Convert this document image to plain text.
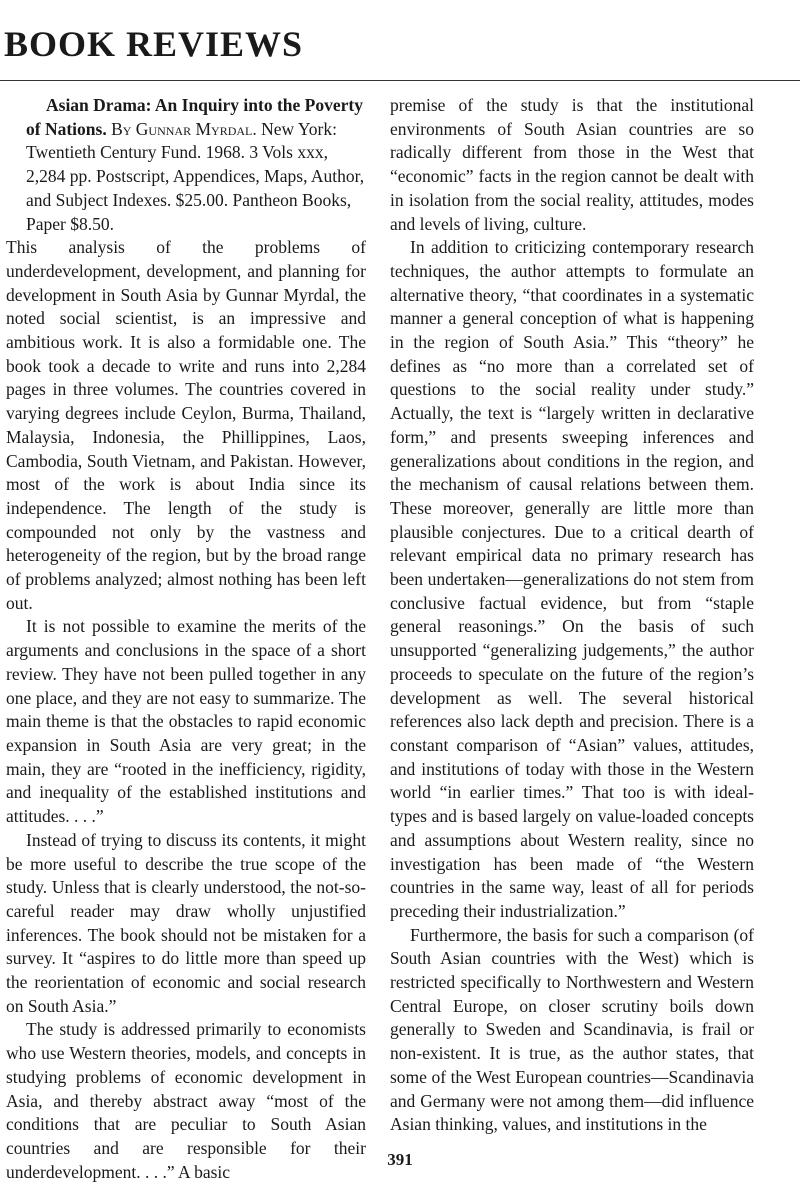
BOOK REVIEWS

Asian Drama: An Inquiry into the Poverty of Nations. By Gunnar Myrdal. New York: Twentieth Century Fund. 1968. 3 Vols xxx, 2,284 pp. Postscript, Appendices, Maps, Author, and Subject Indexes. $25.00. Pantheon Books, Paper $8.50.

This analysis of the problems of underdevelopment, development, and planning for development in South Asia by Gunnar Myrdal, the noted social scientist, is an impressive and ambitious work. It is also a formidable one. The book took a decade to write and runs into 2,284 pages in three volumes. The countries covered in varying degrees include Ceylon, Burma, Thailand, Malaysia, Indonesia, the Phillippines, Laos, Cambodia, South Vietnam, and Pakistan. However, most of the work is about India since its independence. The length of the study is compounded not only by the vastness and heterogeneity of the region, but by the broad range of problems analyzed; almost nothing has been left out.

It is not possible to examine the merits of the arguments and conclusions in the space of a short review. They have not been pulled together in any one place, and they are not easy to summarize. The main theme is that the obstacles to rapid economic expansion in South Asia are very great; in the main, they are “rooted in the inefficiency, rigidity, and inequality of the established institutions and attitudes. . . .”

Instead of trying to discuss its contents, it might be more useful to describe the true scope of the study. Unless that is clearly understood, the not-so-careful reader may draw wholly unjustified inferences. The book should not be mistaken for a survey. It “aspires to do little more than speed up the reorientation of economic and social research on South Asia.”

The study is addressed primarily to economists who use Western theories, models, and concepts in studying problems of economic development in Asia, and thereby abstract away “most of the conditions that are peculiar to South Asian countries and are responsible for their underdevelopment. . . .” A basic

premise of the study is that the institutional environments of South Asian countries are so radically different from those in the West that “economic” facts in the region cannot be dealt with in isolation from the social reality, attitudes, modes and levels of living, culture.

In addition to criticizing contemporary research techniques, the author attempts to formulate an alternative theory, “that coordinates in a systematic manner a general conception of what is happening in the region of South Asia.” This “theory” he defines as “no more than a correlated set of questions to the social reality under study.” Actually, the text is “largely written in declarative form,” and presents sweeping inferences and generalizations about conditions in the region, and the mechanism of causal relations between them. These moreover, generally are little more than plausible conjectures. Due to a critical dearth of relevant empirical data no primary research has been undertaken—generalizations do not stem from conclusive factual evidence, but from “staple general reasonings.” On the basis of such unsupported “generalizing judgements,” the author proceeds to speculate on the future of the region’s development as well. The several historical references also lack depth and precision. There is a constant comparison of “Asian” values, attitudes, and institutions of today with those in the Western world “in earlier times.” That too is with ideal-types and is based largely on value-loaded concepts and assumptions about Western reality, since no investigation has been made of “the Western countries in the same way, least of all for periods preceding their industrialization.”

Furthermore, the basis for such a comparison (of South Asian countries with the West) which is restricted specifically to Northwestern and Western Central Europe, on closer scrutiny boils down generally to Sweden and Scandinavia, is frail or non-existent. It is true, as the author states, that some of the West European countries—Scandinavia and Germany were not among them—did influence Asian thinking, values, and institutions in the

391
